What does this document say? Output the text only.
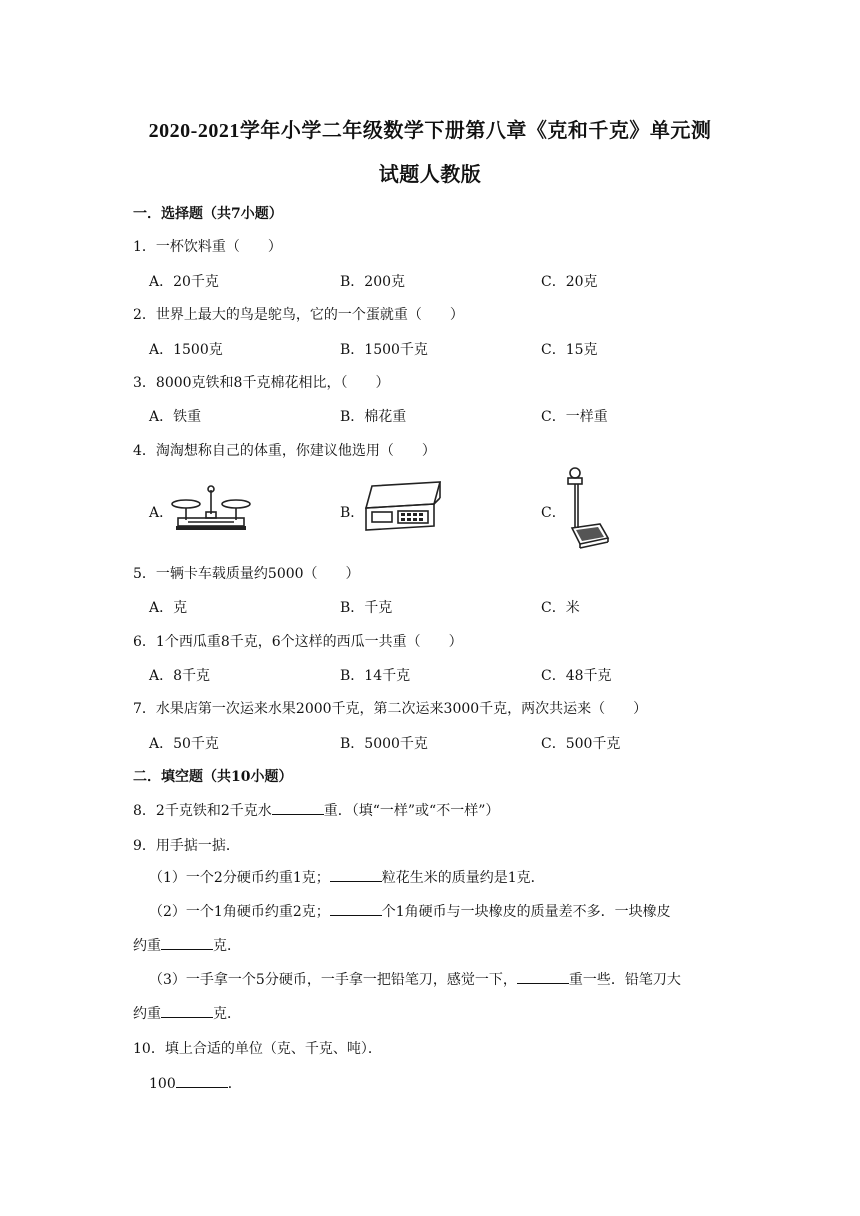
2020-2021学年小学二年级数学下册第八章《克和千克》单元测
试题人教版
一．选择题（共7小题）
1．一杯饮料重（　　）
A．20千克	B．200克	C．20克
2．世界上最大的鸟是鸵鸟，它的一个蛋就重（　　）
A．1500克	B．1500千克	C．15克
3．8000克铁和8千克棉花相比，（　　）
A．铁重	B．棉花重	C．一样重
4．淘淘想称自己的体重，你建议他选用（　　）
A．	B．	C．
5．一辆卡车载质量约5000（　　）
A．克	B．千克	C．米
6．1个西瓜重8千克，6个这样的西瓜一共重（　　）
A．8千克	B．14千克	C．48千克
7．水果店第一次运来水果2000千克，第二次运来3000千克，两次共运来（　　）
A．50千克	B．5000千克	C．500千克
二．填空题（共10小题）
8．2千克铁和2千克水	重．（填“一样”或“不一样”）
9．用手掂一掂．
（1）一个2分硬币约重1克；	粒花生米的质量约是1克．
（2）一个1角硬币约重2克；	个1角硬币与一块橡皮的质量差不多．一块橡皮
约重	克．
（3）一手拿一个5分硬币，一手拿一把铅笔刀，感觉一下，	重一些．铅笔刀大
约重	克．
10．填上合适的单位（克、千克、吨）．
100	．
